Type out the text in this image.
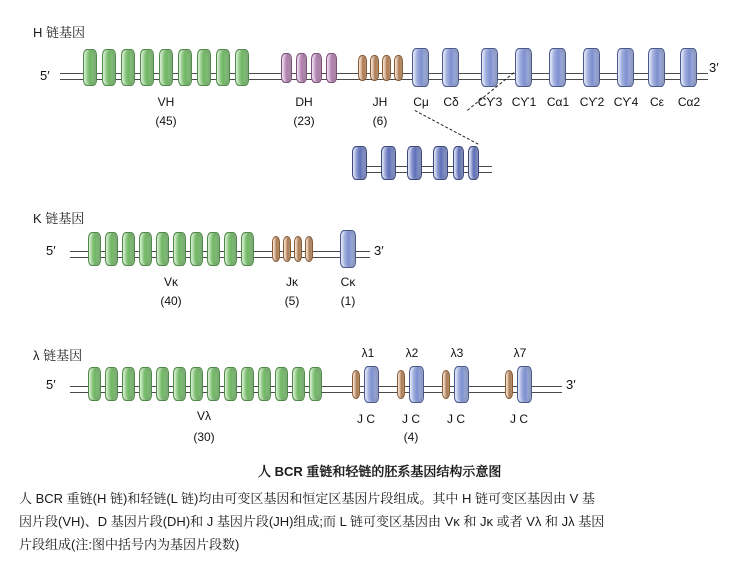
H 链基因
5′
3′
VH
(45)
DH
(23)
JH
(6)
Cμ Cδ CƳ3 CƳ1 Cα1 CƳ2 CƳ4 Cε Cα2
K 链基因
5′	3′
Vκ
(40)
Jκ
(5)
Cκ
(1)
λ 链基因
5′	3′
λ1	λ2	λ3	λ7
J C J C J C	J C
Vλ
(30)	(4)
人 BCR 重链和轻链的胚系基因结构示意图
人 BCR 重链(H 链)和轻链(L 链)均由可变区基因和恒定区基因片段组成。其中 H 链可变区基因由 V 基
因片段(VH)、D 基因片段(DH)和 J 基因片段(JH)组成;而 L 链可变区基因由 Vκ 和 Jκ 或者 Vλ 和 Jλ 基因
片段组成(注:图中括号内为基因片段数)
